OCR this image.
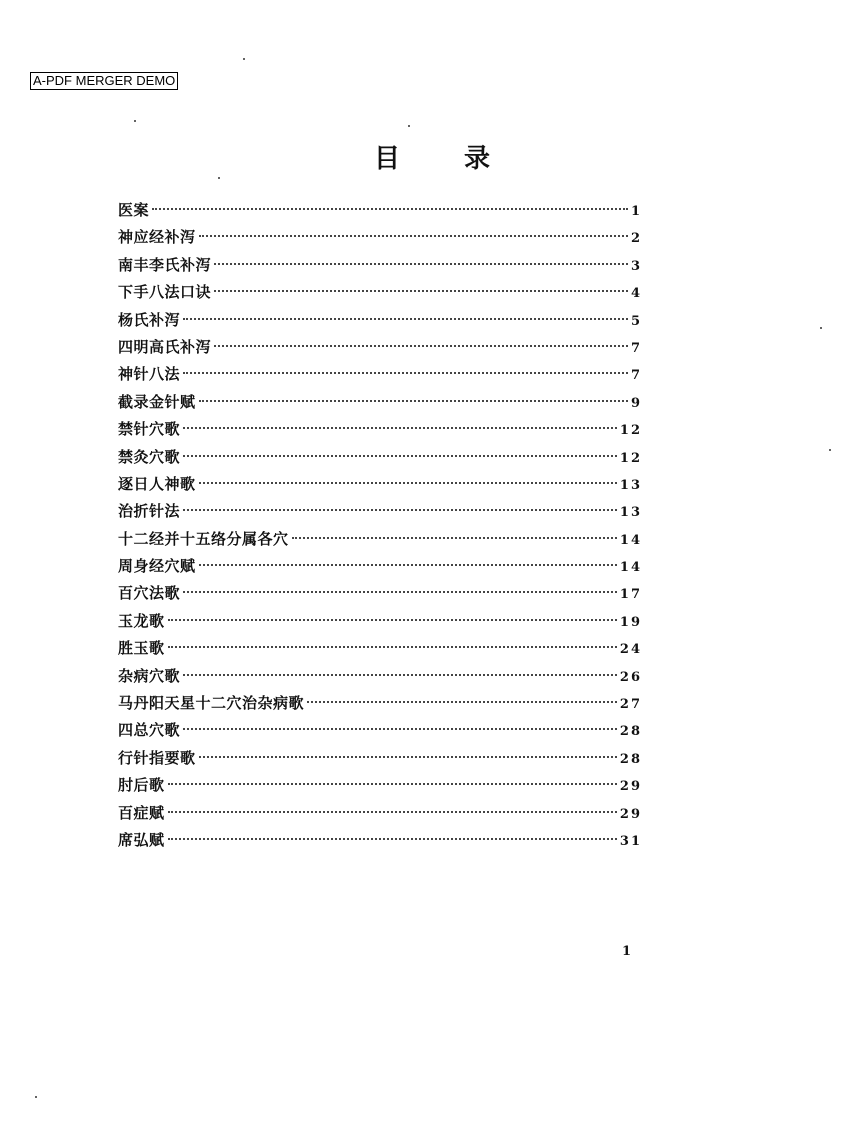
A-PDF MERGER DEMO
目 录
医案	1
神应经补泻	2
南丰李氏补泻	3
下手八法口诀	4
杨氏补泻	5
四明高氏补泻	7
神针八法	7
截录金针赋	9
禁针穴歌	12
禁灸穴歌	12
逐日人神歌	13
治折针法	13
十二经并十五络分属各穴	14
周身经穴赋	14
百穴法歌	17
玉龙歌	19
胜玉歌	24
杂病穴歌	26
马丹阳天星十二穴治杂病歌	27
四总穴歌	28
行针指要歌	28
肘后歌	29
百症赋	29
席弘赋	31
1
